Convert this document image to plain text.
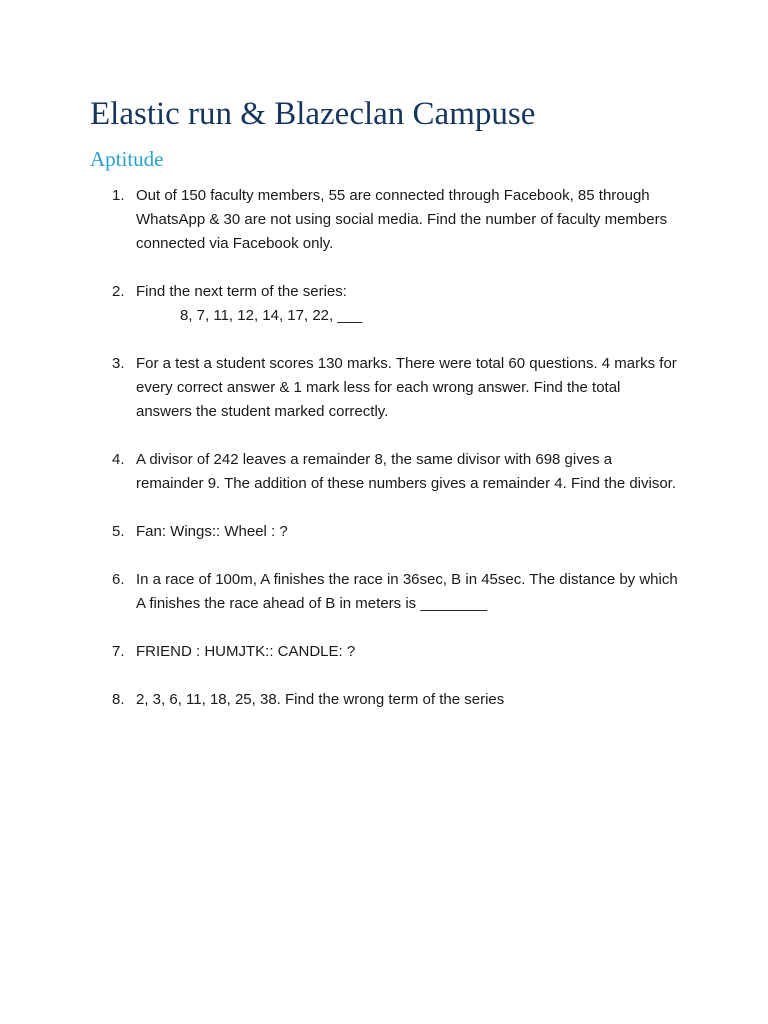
Elastic run & Blazeclan Campuse
Aptitude
1. Out of 150 faculty members, 55 are connected through Facebook, 85 through WhatsApp & 30 are not using social media. Find the number of faculty members connected via Facebook only.
2. Find the next term of the series:
8, 7, 11, 12, 14, 17, 22, ___
3. For a test a student scores 130 marks. There were total 60 questions. 4 marks for every correct answer & 1 mark less for each wrong answer. Find the total answers the student marked correctly.
4. A divisor of 242 leaves a remainder 8, the same divisor with 698 gives a remainder 9. The addition of these numbers gives a remainder 4. Find the divisor.
5. Fan: Wings:: Wheel : ?
6. In a race of 100m, A finishes the race in 36sec, B in 45sec. The distance by which A finishes the race ahead of B in meters is ________
7. FRIEND : HUMJTK:: CANDLE: ?
8. 2, 3, 6, 11, 18, 25, 38. Find the wrong term of the series
